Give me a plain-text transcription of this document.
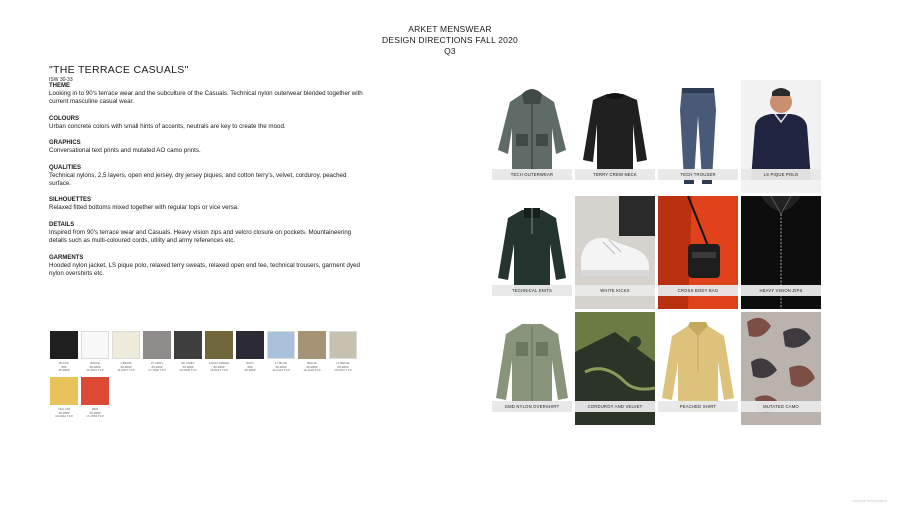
ARKET MENSWEAR
DESIGN DIRECTIONS FALL 2020
Q3
"THE TERRACE CASUALS"
ISW 30-33
THEME
Looking in to 90's terrace wear and the subculture of the Casuals. Technical nylon outerwear blended together with current masculine casual wear.
COLOURS
Urban concrete colors with small hints of accents, neutrals are key to create the mood.
GRAPHICS
Conversational text prints and mutated AO camo prints.
QUALITIES
Technical nylons, 2,5 layers, open end jersey, dry jersey piques, and cotton terry's, velvet, corduroy, peached surface.
SILHOUETTES
Relaxed fitted bottoms mixed together with regular tops or vice versa.
DETAILS
Inspired from 90's terrace wear and Casuals. Heavy vision zips and velcro closure on pockets. Mountaineering details such as multi-coloured cords, utility and army references etc.
GARMENTS
Hooded nylon jacket, LS pique polo, relaxed terry sweats, relaxed open end tee, technical trousers, garment dyed nylon overshirts etc.
BLACK
###
##-####
WHITE
##-####
11-0601 TCX
CREAM
##-####
11-0507 TCX
LT GREY
##-####
17-1502 TCX
DK GREY
##-####
19-3906 TCX
KHAKI GREEN
##-####
18-0627 TCX
NAVY
###
##-####
LT BLUE
##-####
14-4112 TCX
BEIGE
##-####
16-1118 TCX
LT BEIGE
##-####
13-0607 TCX
YELLOW
##-####
13-0942 TCX
RED
##-####
17-1563 TCX
TECH OUTERWEAR	TERRY CREW NECK	TECH TROUSER	LS PIQUE POLO
TECHNICAL KNITS	WHITE KICKS	CROSS BODY BAG	HEAVY VISION ZIPS
GMD NYLON OVERSHIRT	CORDUROY AND VELVET	PEACHED SHIRT	MUTATED CAMO
General Information
